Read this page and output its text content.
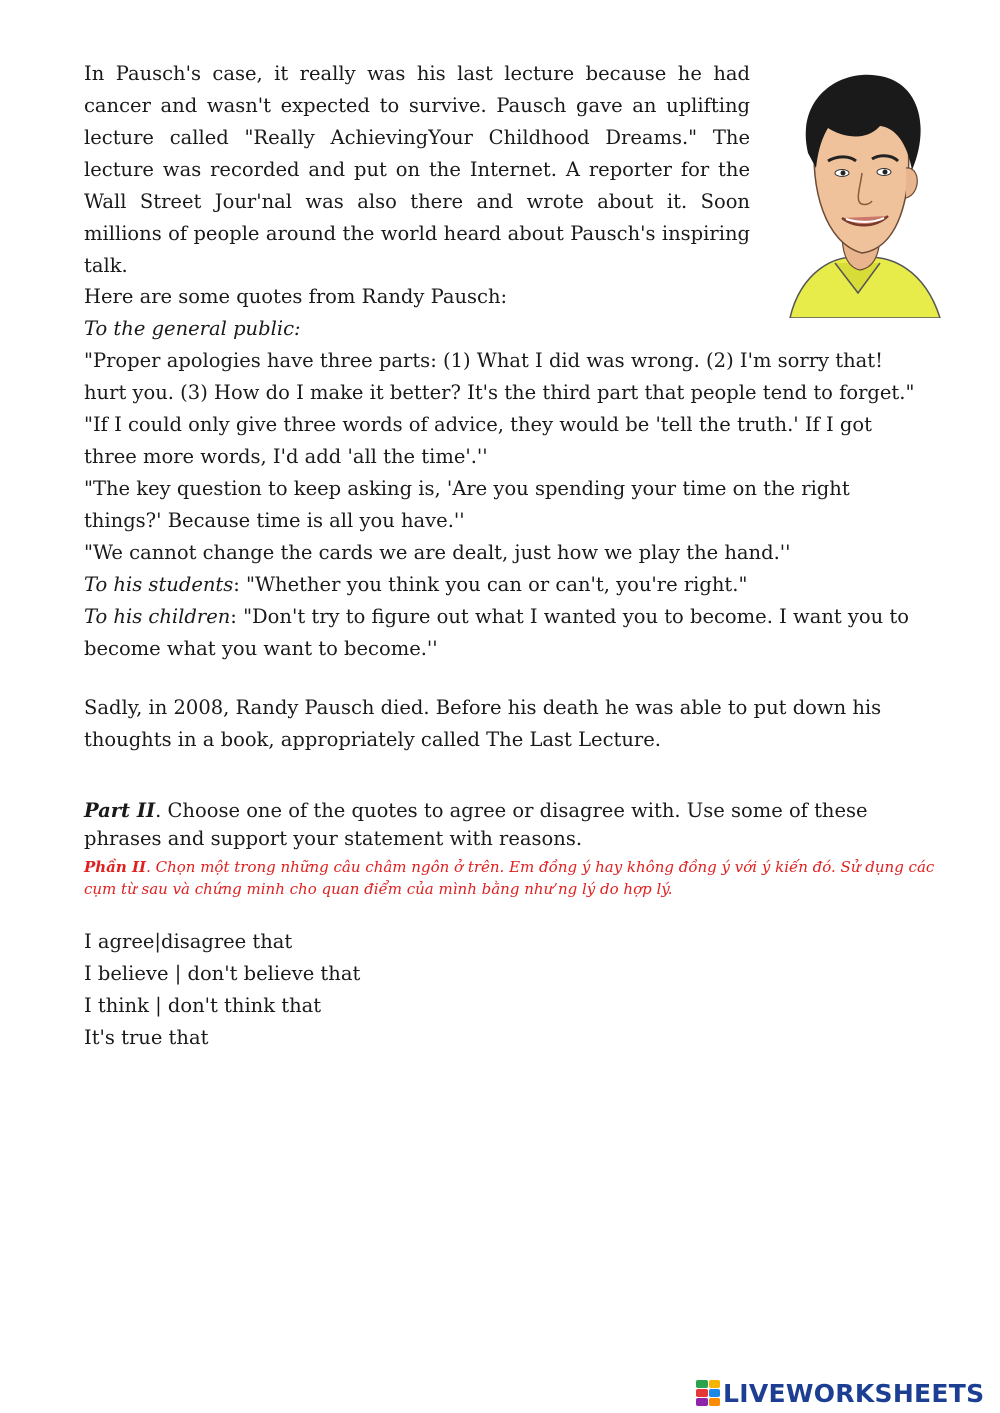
In Pausch's case, it really was his last lecture because he had cancer and wasn't expected to survive. Pausch gave an uplifting lecture called "Really AchievingYour Childhood Dreams." The lecture was recorded and put on the Internet. A reporter for the Wall Street Jour'nal was also there and wrote about it. Soon millions of people around the world heard about Pausch's inspiring talk.

Here are some quotes from Randy Pausch:
To the general public:
"Proper apologies have three parts: (1) What I did was wrong. (2) I'm sorry that!
hurt you. (3) How do I make it better? It's the third part that people tend to forget."
"If I could only give three words of advice, they would be 'tell the truth.' If I got
three more words, I'd add 'all the time'.''
"The key question to keep asking is, 'Are you spending your time on the right
things?' Because time is all you have.''
"We cannot change the cards we are dealt, just how we play the hand.''
To his students: "Whether you think you can or can't, you're right."
To his children: "Don't try to figure out what I wanted you to become. I want you to
become what you want to become.''
Sadly, in 2008, Randy Pausch died. Before his death he was able to put down his
thoughts in a book, appropriately called The Last Lecture.
Part II. Choose one of the quotes to agree or disagree with. Use some of these
phrases and support your statement with reasons.
Phần II. Chọn một trong những câu châm ngôn ở trên. Em đồng ý hay không đồng ý với ý kiến đó. Sử dụng các cụm từ sau và chứng minh cho quan điểm của mình bằng như’ng lý do hợp lý.
I agree|disagree that
I believe | don't believe that
I think | don't think that
It's true that
LIVEWORKSHEETS
